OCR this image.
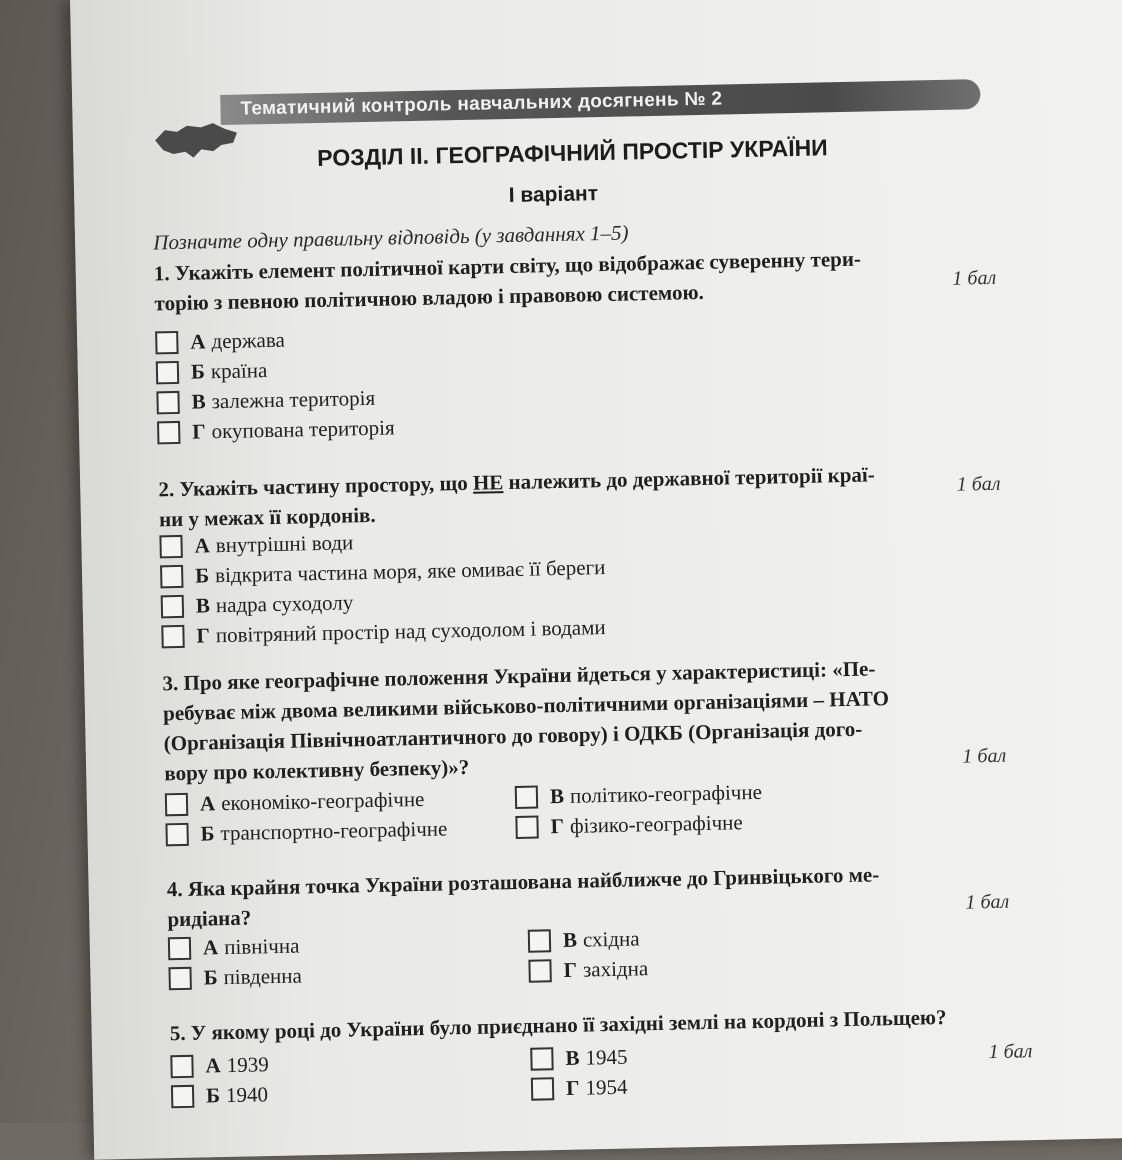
Тематичний контроль навчальних досягнень № 2
РОЗДІЛ II. ГЕОГРАФІЧНИЙ ПРОСТІР УКРАЇНИ
I варіант
Позначте одну правильну відповідь (у завданнях 1–5)
1. Укажіть елемент політичної карти світу, що відображає суверенну тери-
торію з певною політичною владою і правовою системою.
1 бал
А держава
Б країна
В залежна територія
Г окупована територія
2. Укажіть частину простору, що НЕ належить до державної території краї-
ни у межах її кордонів.
1 бал
А внутрішні води
Б відкрита частина моря, яке омиває її береги
В надра суходолу
Г повітряний простір над суходолом і водами
3. Про яке географічне положення України йдеться у характеристиці: «Пе-
ребуває між двома великими військово-політичними організаціями – НАТО
(Організація Північноатлантичного до говору) і ОДКБ (Організація дого-
вору про колективну безпеку)»?	1 бал
А економіко-географічне
Б транспортно-географічне
В політико-географічне
Г фізико-географічне
4. Яка крайня точка України розташована найближче до Гринвіцького ме-
ридіана?
1 бал
А північна
Б південна
В східна
Г західна
5. У якому році до України було приєднано її західні землі на кордоні з Польщею?
1 бал
А 1939
Б 1940
В 1945
Г 1954
